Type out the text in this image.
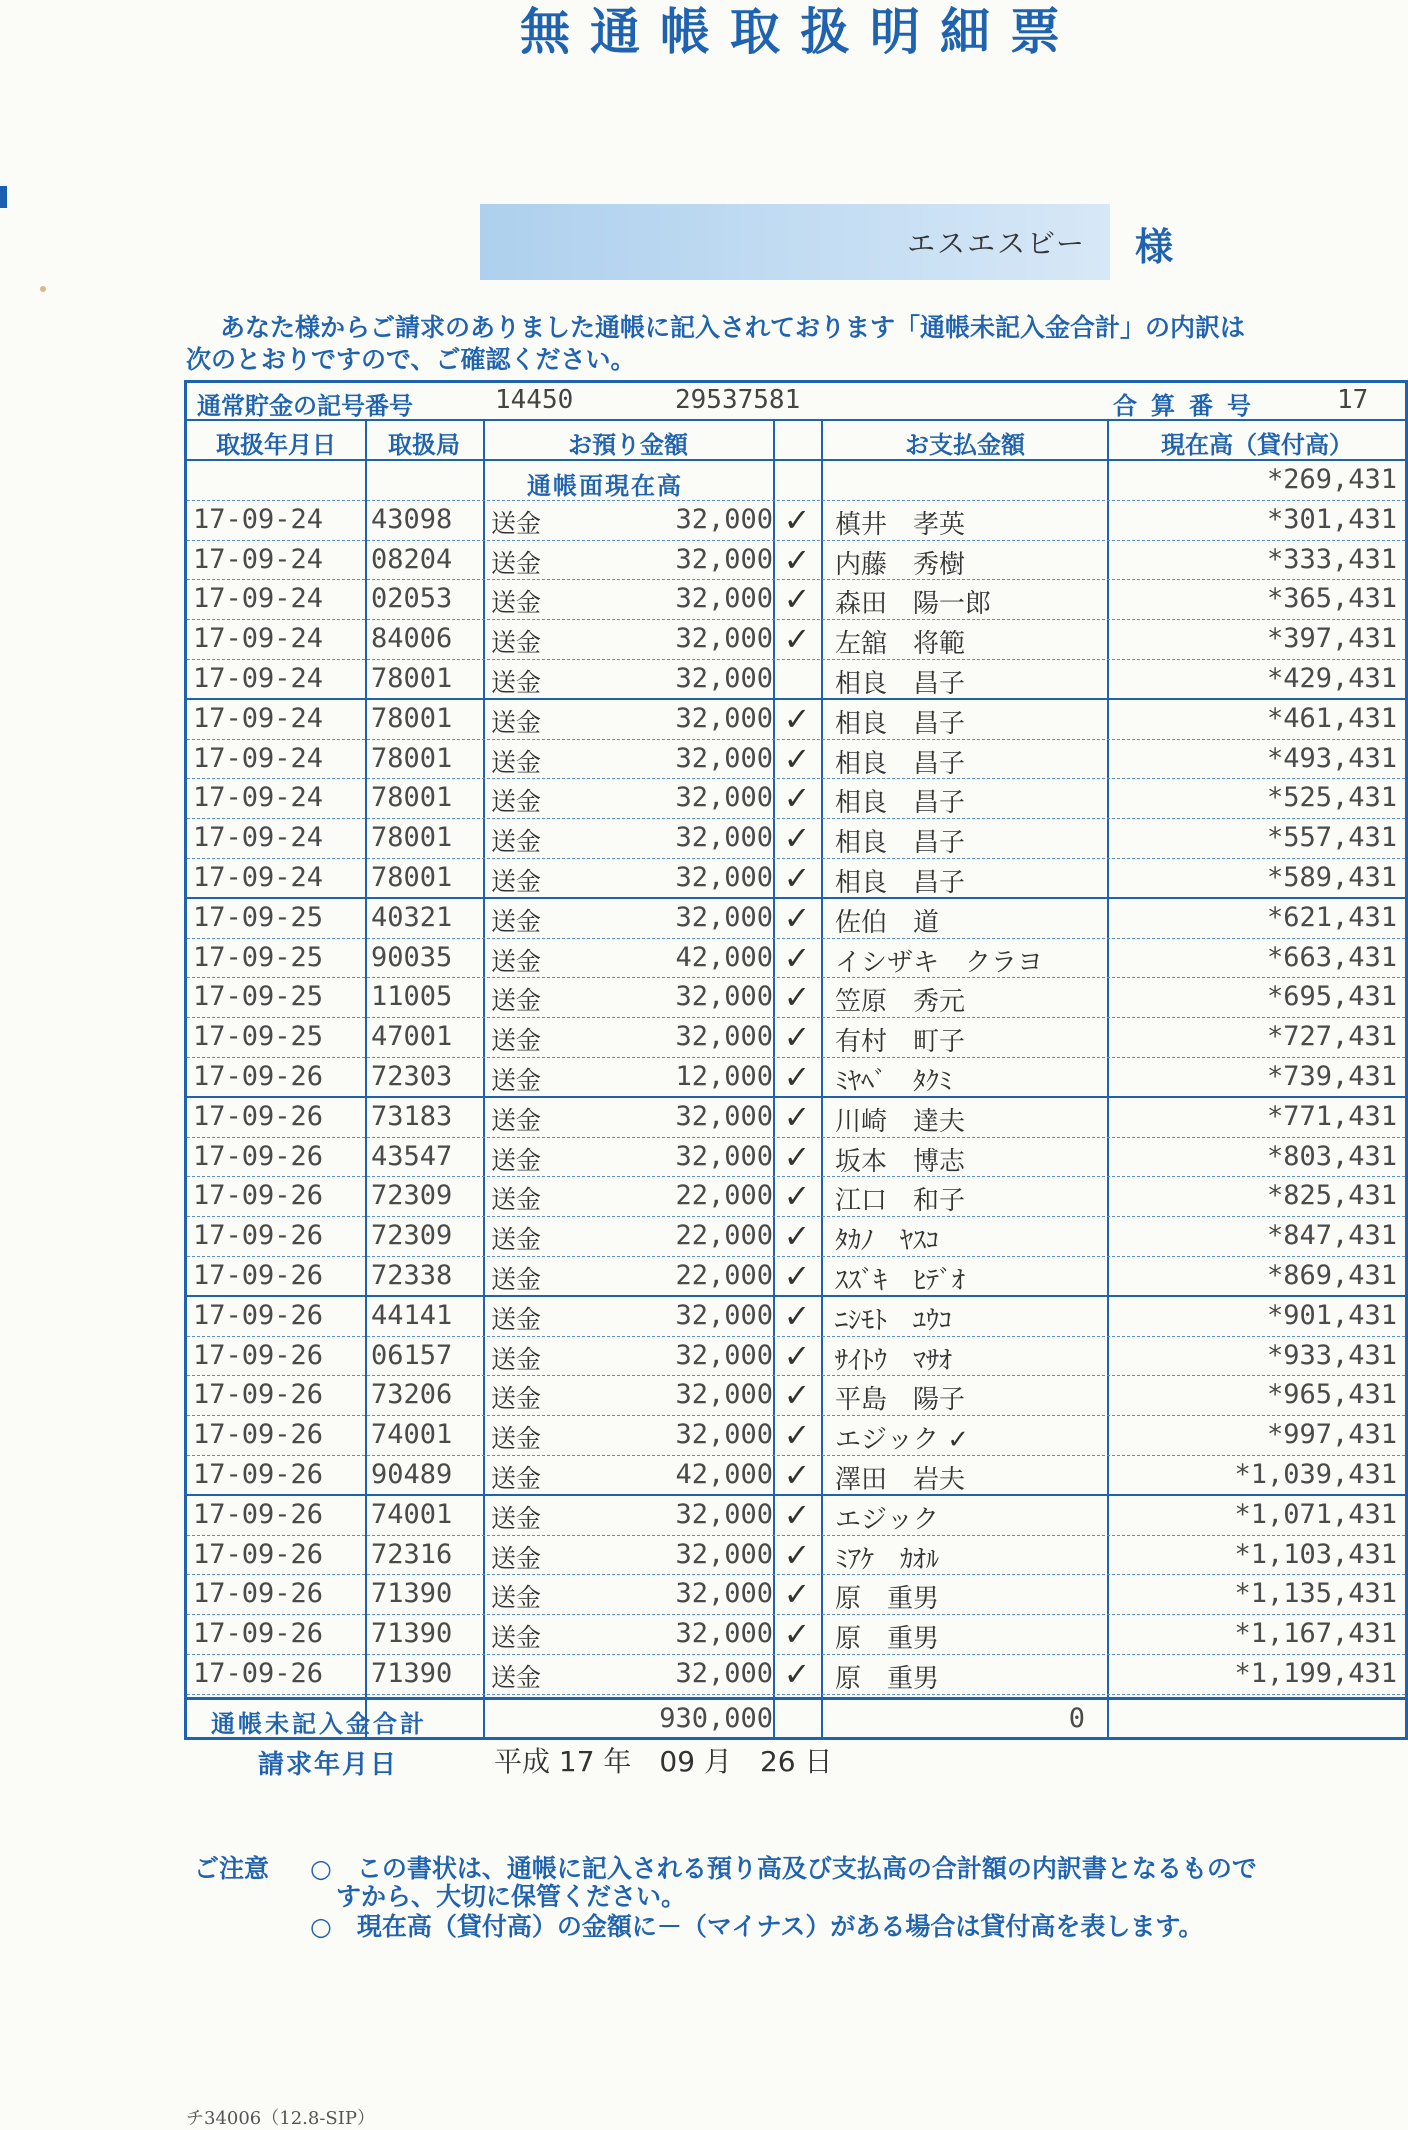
無通帳取扱明細票
エスエスビー 様
あなた様からご請求のありました通帳に記入されております「通帳未記入金合計」の内訳は
次のとおりですので、ご確認ください。
通常貯金の記号番号	14450	29537581	合算番号	17
取扱年月日	取扱局	お預り金額	お支払金額	現在高（貸付高）
通帳面現在高	*269,431
17-09-24 43098 送金	32,000 ✓ 槙井　孝英	*301,431
17-09-24 08204 送金	32,000 ✓ 内藤　秀樹	*333,431
17-09-24 02053 送金	32,000 ✓ 森田　陽一郎	*365,431
17-09-24 84006 送金	32,000 ✓ 左舘　将範	*397,431
17-09-24 78001 送金	32,000 相良　昌子	*429,431
17-09-24 78001 送金	32,000 ✓ 相良　昌子	*461,431
17-09-24 78001 送金	32,000 ✓ 相良　昌子	*493,431
17-09-24 78001 送金	32,000 ✓ 相良　昌子	*525,431
17-09-24 78001 送金	32,000 ✓ 相良　昌子	*557,431
17-09-24 78001 送金	32,000 ✓ 相良　昌子	*589,431
17-09-25 40321 送金	32,000 ✓ 佐伯　道	*621,431
17-09-25 90035 送金	42,000 ✓ イシザキ　クラヨ	*663,431
17-09-25 11005 送金	32,000 ✓ 笠原　秀元	*695,431
17-09-25 47001 送金	32,000 ✓ 有村　町子	*727,431
17-09-26 72303 送金	12,000 ✓ ﾐﾔﾍﾞ　ﾀｸﾐ	*739,431
17-09-26 73183 送金	32,000 ✓ 川崎　達夫	*771,431
17-09-26 43547 送金	32,000 ✓ 坂本　博志	*803,431
17-09-26 72309 送金	22,000 ✓ 江口　和子	*825,431
17-09-26 72309 送金	22,000 ✓ ﾀｶﾉ　ﾔｽｺ	*847,431
17-09-26 72338 送金	22,000 ✓ ｽｽﾞｷ　ﾋﾃﾞｵ	*869,431
17-09-26 44141 送金	32,000 ✓ ﾆｼﾓﾄ　ﾕｳｺ	*901,431
17-09-26 06157 送金	32,000 ✓ ｻｲﾄｳ　ﾏｻｵ	*933,431
17-09-26 73206 送金	32,000 ✓ 平島　陽子	*965,431
17-09-26 74001 送金	32,000 ✓ エジック ✓	*997,431
17-09-26 90489 送金	42,000 ✓ 澤田　岩夫	*1,039,431
17-09-26 74001 送金	32,000 ✓ エジック	*1,071,431
17-09-26 72316 送金	32,000 ✓ ﾐｱｹ　ｶｵﾙ	*1,103,431
17-09-26 71390 送金	32,000 ✓ 原　重男	*1,135,431
17-09-26 71390 送金	32,000 ✓ 原　重男	*1,167,431
17-09-26 71390 送金	32,000 ✓ 原　重男	*1,199,431
通帳未記入金合計	930,000	0
請求年月日	平成 17 年　09 月　26 日
ご注意 ○　この書状は、通帳に記入される預り高及び支払高の合計額の内訳書となるもので
すから、大切に保管ください。
○　現在高（貸付高）の金額に－（マイナス）がある場合は貸付高を表します。
チ34006（12.8-SIP）
